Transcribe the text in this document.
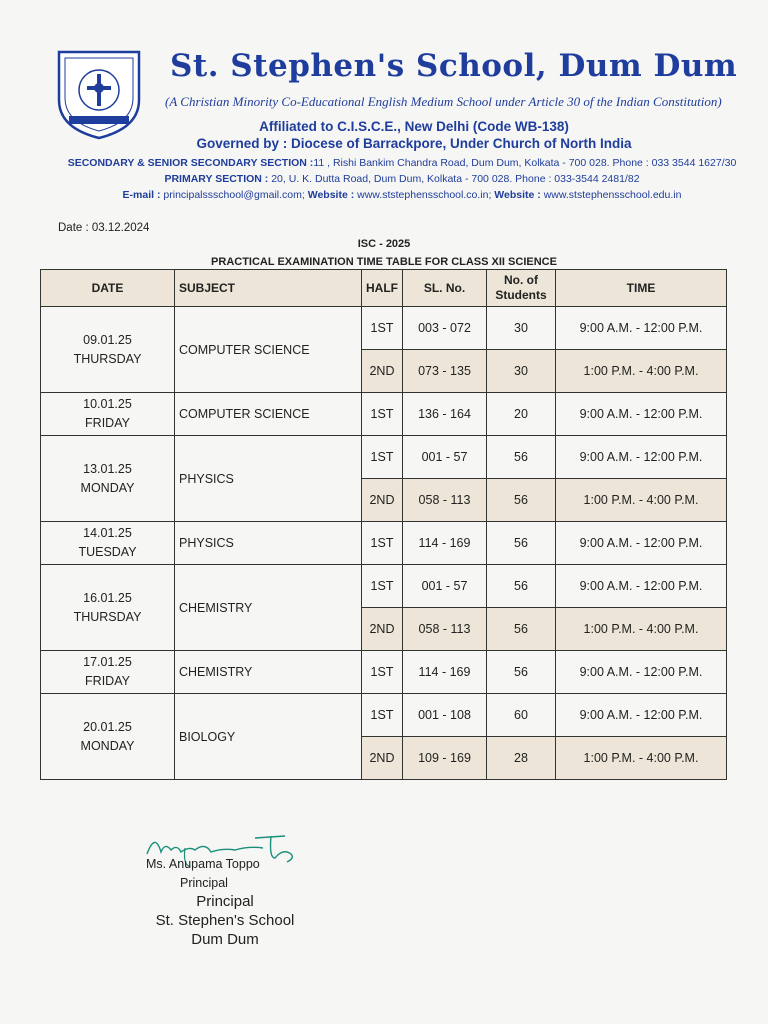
St. Stephen's School, Dum Dum
(A Christian Minority Co-Educational English Medium School under Article 30 of the Indian Constitution)
Affiliated to C.I.S.C.E., New Delhi (Code WB-138)
Governed by : Diocese of Barrackpore, Under Church of North India
SECONDARY & SENIOR SECONDARY SECTION :11 , Rishi Bankim Chandra Road, Dum Dum, Kolkata - 700 028. Phone : 033 3544 1627/30
PRIMARY SECTION : 20, U. K. Dutta Road, Dum Dum, Kolkata - 700 028. Phone : 033-3544 2481/82
E-mail : principalssschool@gmail.com; Website : www.ststephensschool.co.in; Website : www.ststephensschool.edu.in
Date : 03.12.2024
ISC - 2025
PRACTICAL EXAMINATION TIME TABLE FOR CLASS XII SCIENCE
DATE	SUBJECT	HALF	SL. No.	No. of Students	TIME

09.01.25
THURSDAY	COMPUTER SCIENCE	1ST	003 - 072	30	9:00 A.M. - 12:00 P.M.
		2ND	073 - 135	30	1:00 P.M. - 4:00 P.M.

10.01.25
FRIDAY	COMPUTER SCIENCE	1ST	136 - 164	20	9:00 A.M. - 12:00 P.M.

13.01.25
MONDAY	PHYSICS	1ST	001 - 57	56	9:00 A.M. - 12:00 P.M.
		2ND	058 - 113	56	1:00 P.M. - 4:00 P.M.

14.01.25
TUESDAY	PHYSICS	1ST	114 - 169	56	9:00 A.M. - 12:00 P.M.

16.01.25
THURSDAY	CHEMISTRY	1ST	001 - 57	56	9:00 A.M. - 12:00 P.M.
		2ND	058 - 113	56	1:00 P.M. - 4:00 P.M.

17.01.25
FRIDAY	CHEMISTRY	1ST	114 - 169	56	9:00 A.M. - 12:00 P.M.

20.01.25
MONDAY	BIOLOGY	1ST	001 - 108	60	9:00 A.M. - 12:00 P.M.
		2ND	109 - 169	28	1:00 P.M. - 4:00 P.M.
Ms. Anupama Toppo
Principal
Principal
St. Stephen's School
Dum Dum
